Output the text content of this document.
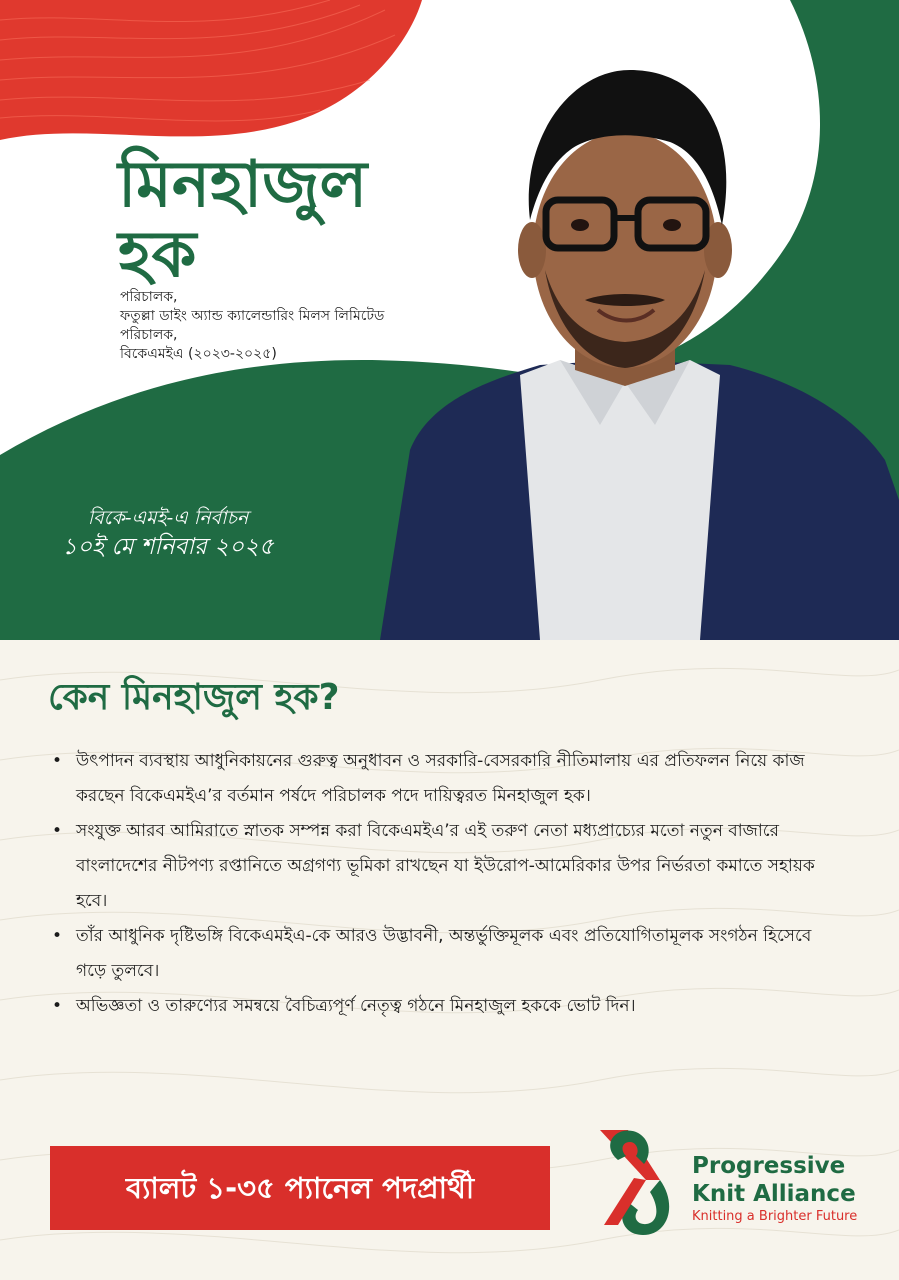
মিনহাজুল
হক
পরিচালক,
ফতুল্লা ডাইং অ্যান্ড ক্যালেন্ডারিং মিলস লিমিটেড
পরিচালক,
বিকেএমইএ (২০২৩-২০২৫)
বিকে-এমই-এ নির্বাচন
১০ই মে শনিবার ২০২৫
কেন মিনহাজুল হক?
• উৎপাদন ব্যবস্থায় আধুনিকায়নের গুরুত্ব অনুধাবন ও সরকারি-বেসরকারি নীতিমালায় এর প্রতিফলন নিয়ে কাজ করছেন বিকেএমইএ’র বর্তমান পর্ষদে পরিচালক পদে দায়িত্বরত মিনহাজুল হক।
• সংযুক্ত আরব আমিরাতে স্নাতক সম্পন্ন করা বিকেএমইএ’র এই তরুণ নেতা মধ্যপ্রাচ্যের মতো নতুন বাজারে বাংলাদেশের নীটপণ্য রপ্তানিতে অগ্রগণ্য ভূমিকা রাখছেন যা ইউরোপ-আমেরিকার উপর নির্ভরতা কমাতে সহায়ক হবে।
• তাঁর আধুনিক দৃষ্টিভঙ্গি বিকেএমইএ-কে আরও উদ্ভাবনী, অন্তর্ভুক্তিমূলক এবং প্রতিযোগিতামূলক সংগঠন হিসেবে গড়ে তুলবে।
• অভিজ্ঞতা ও তারুণ্যের সমন্বয়ে বৈচিত্র্যপূর্ণ নেতৃত্ব গঠনে মিনহাজুল হককে ভোট দিন।
ব্যালট ১-৩৫ প্যানেল পদপ্রার্থী
Progressive
Knit Alliance
Knitting a Brighter Future
